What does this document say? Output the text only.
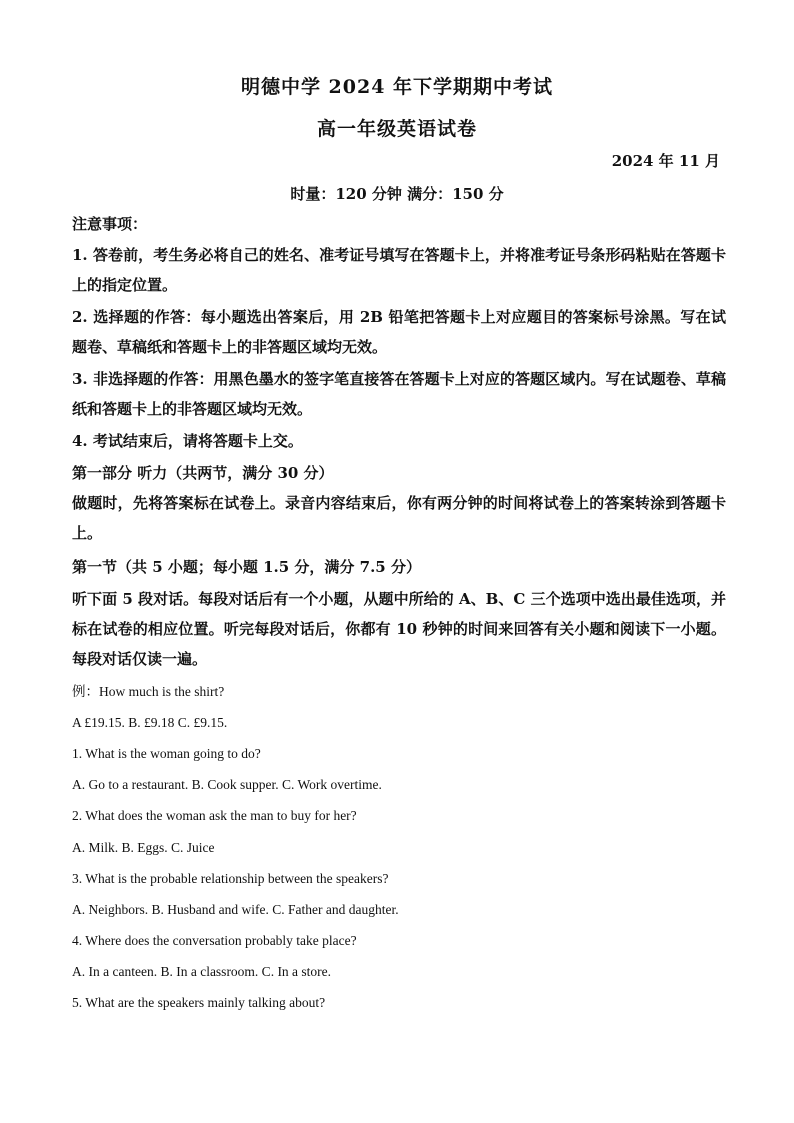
明德中学 2024 年下学期期中考试
高一年级英语试卷
2024 年 11 月
时量：120 分钟 满分：150 分
注意事项：
1. 答卷前，考生务必将自己的姓名、准考证号填写在答题卡上，并将准考证号条形码粘贴在答题卡上的指定位置。
2. 选择题的作答：每小题选出答案后，用 2B 铅笔把答题卡上对应题目的答案标号涂黑。写在试题卷、草稿纸和答题卡上的非答题区域均无效。
3. 非选择题的作答：用黑色墨水的签字笔直接答在答题卡上对应的答题区域内。写在试题卷、草稿纸和答题卡上的非答题区域均无效。
4. 考试结束后，请将答题卡上交。
第一部分 听力（共两节，满分 30 分）
做题时，先将答案标在试卷上。录音内容结束后，你有两分钟的时间将试卷上的答案转涂到答题卡上。
第一节（共 5 小题；每小题 1.5 分，满分 7.5 分）
听下面 5 段对话。每段对话后有一个小题，从题中所给的 A、B、C 三个选项中选出最佳选项，并标在试卷的相应位置。听完每段对话后，你都有 10 秒钟的时间来回答有关小题和阅读下一小题。每段对话仅读一遍。
例：How much is the shirt?
A £19.15. B. £9.18 C. £9.15.
1. What is the woman going to do?
A. Go to a restaurant. B. Cook supper. C. Work overtime.
2. What does the woman ask the man to buy for her?
A. Milk. B. Eggs. C. Juice
3. What is the probable relationship between the speakers?
A. Neighbors. B. Husband and wife. C. Father and daughter.
4. Where does the conversation probably take place?
A. In a canteen. B. In a classroom. C. In a store.
5. What are the speakers mainly talking about?
